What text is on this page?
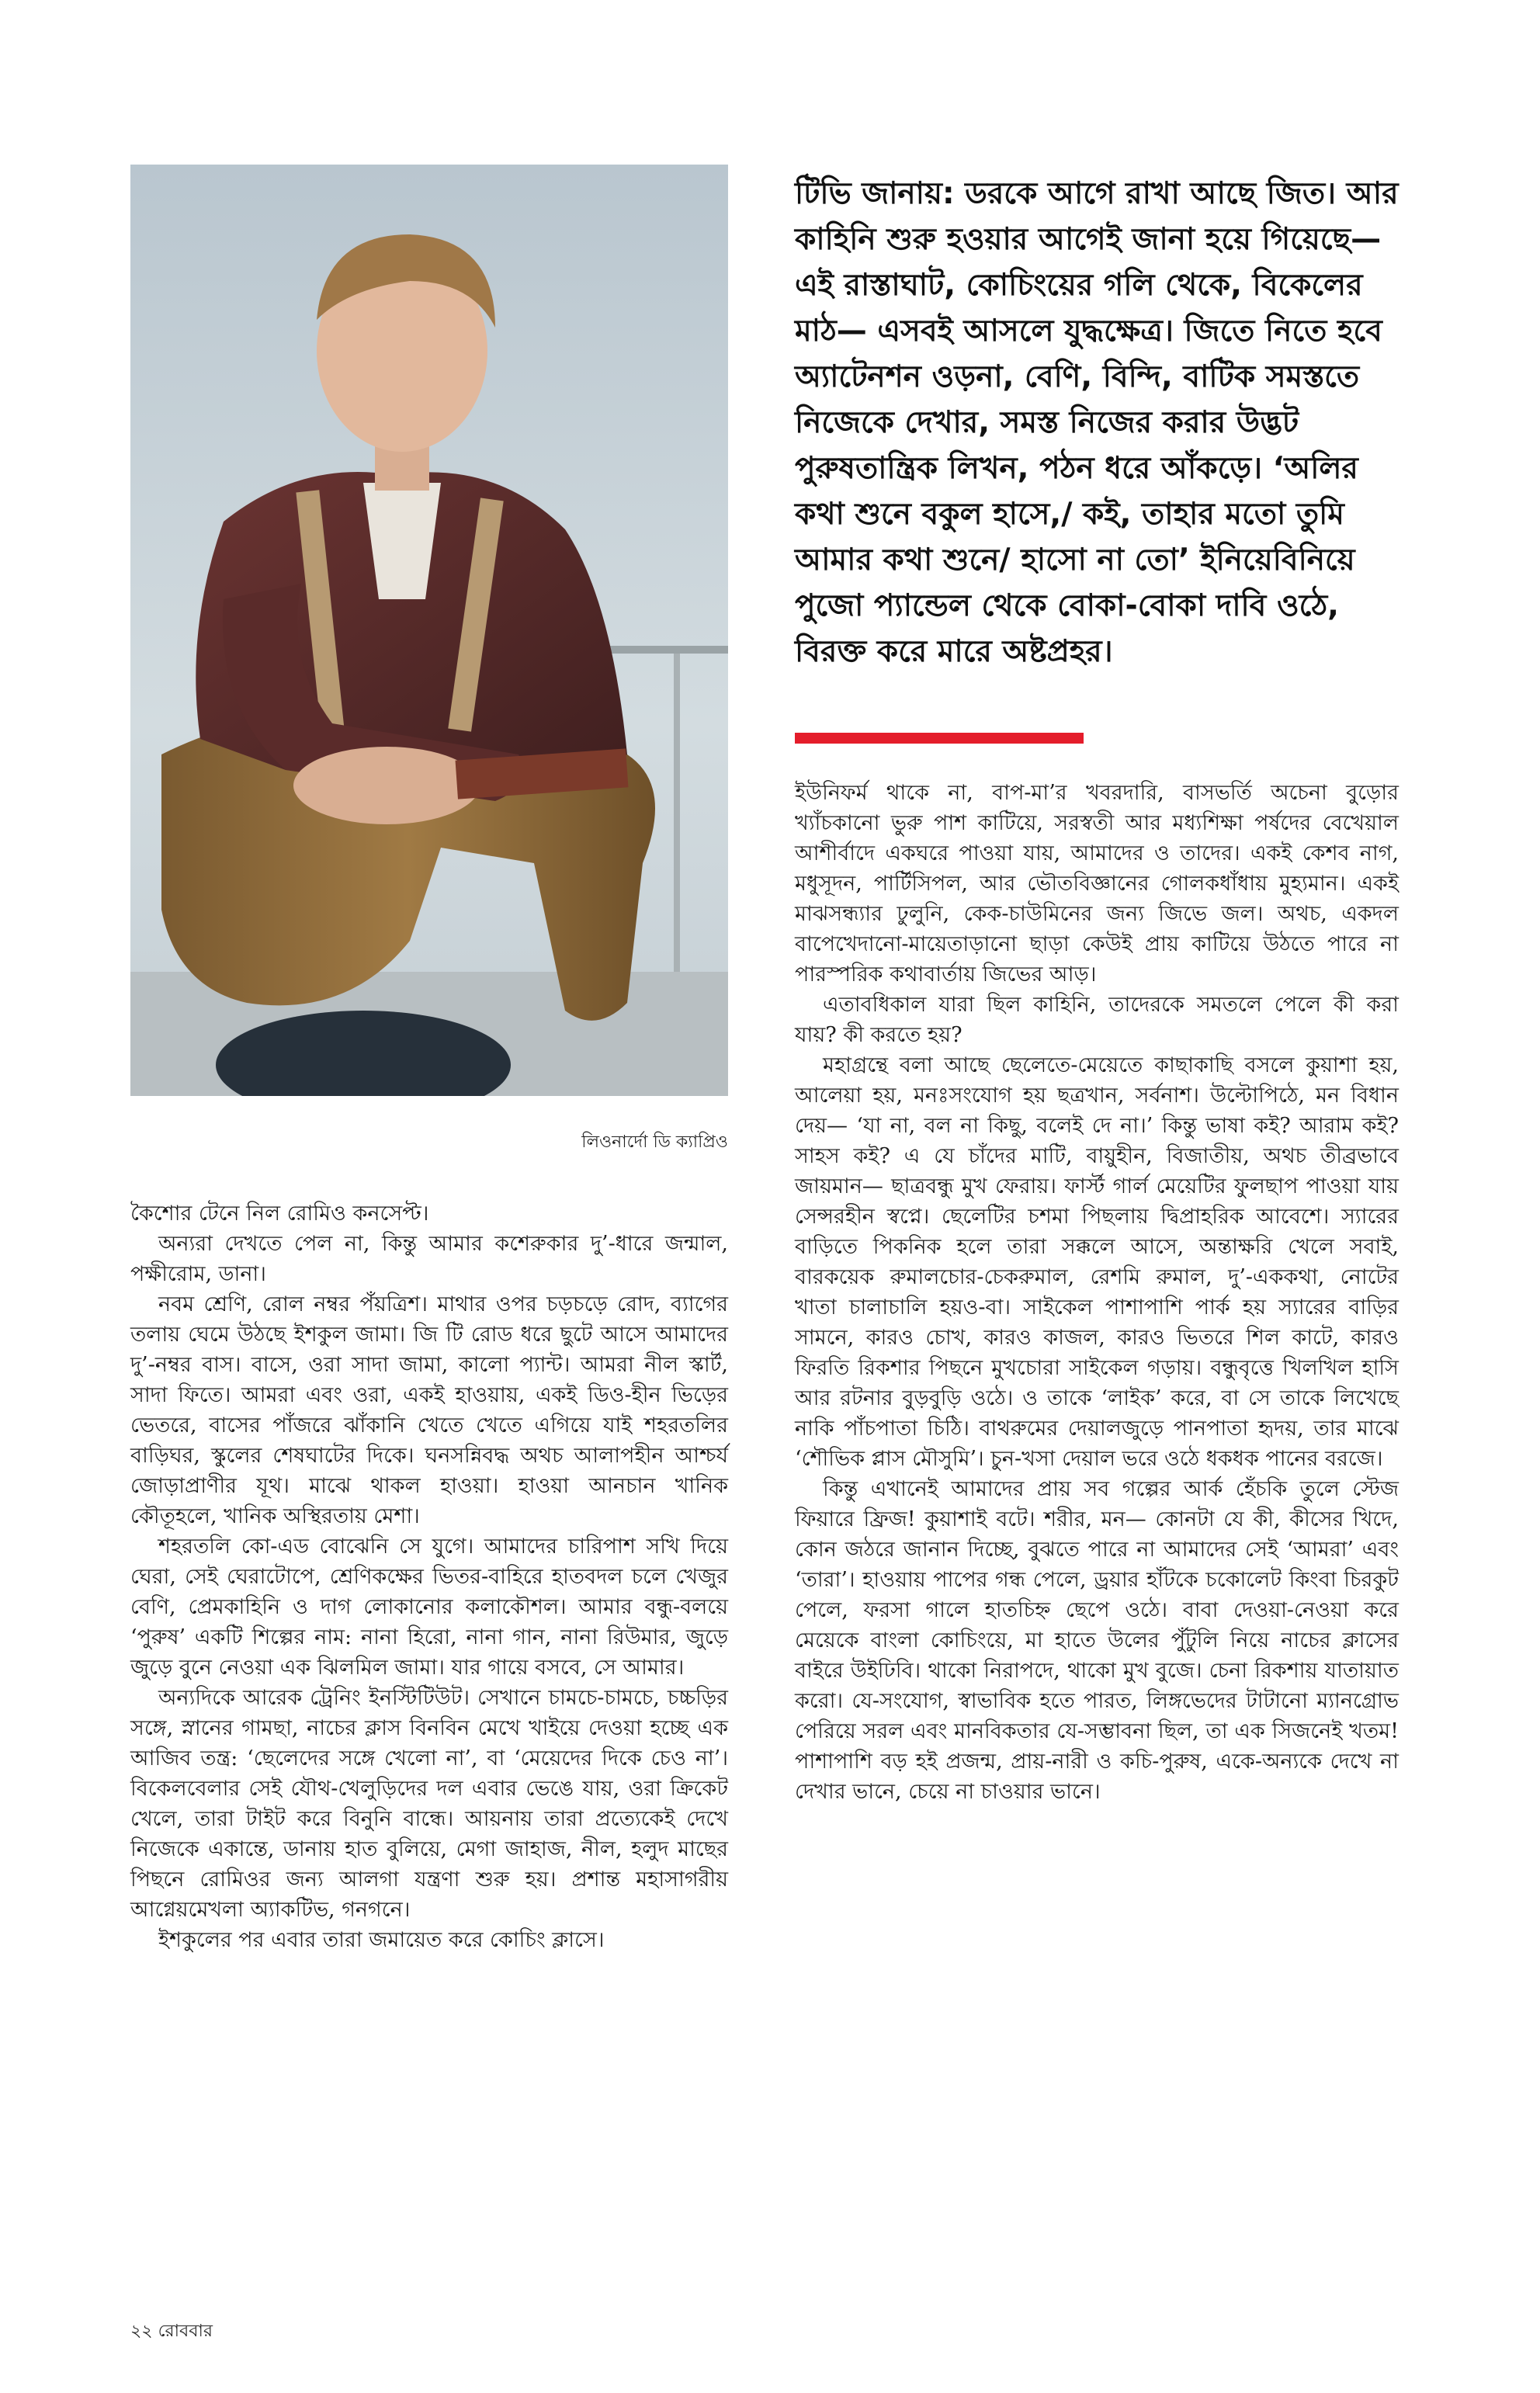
লিওনার্দো ডি ক্যাপ্রিও
টিভি জানায়: ডরকে আগে রাখা আছে জিত। আর কাহিনি শুরু হওয়ার আগেই জানা হয়ে গিয়েছে— এই রাস্তাঘাট, কোচিংয়ের গলি থেকে, বিকেলের মাঠ— এসবই আসলে যুদ্ধক্ষেত্র। জিতে নিতে হবে অ্যাটেনশন ওড়না, বেণি, বিন্দি, বাটিক সমস্ততে নিজেকে দেখার, সমস্ত নিজের করার উদ্ভট পুরুষতান্ত্রিক লিখন, পঠন ধরে আঁকড়ে। ‘অলির কথা শুনে বকুল হাসে,/ কই, তাহার মতো তুমি আমার কথা শুনে/ হাসো না তো’ ইনিয়েবিনিয়ে পুজো প্যান্ডেল থেকে বোকা-বোকা দাবি ওঠে, বিরক্ত করে মারে অষ্টপ্রহর।

কৈশোর টেনে নিল রোমিও কনসেপ্ট।

অন্যরা দেখতে পেল না, কিন্তু আমার কশেরুকার দু’-ধারে জন্মাল, পক্ষীরোম, ডানা।

নবম শ্রেণি, রোল নম্বর পঁয়ত্রিশ। মাথার ওপর চড়চড়ে রোদ, ব্যাগের তলায় ঘেমে উঠছে ইশকুল জামা। জি টি রোড ধরে ছুটে আসে আমাদের দু’-নম্বর বাস। বাসে, ওরা সাদা জামা, কালো প্যান্ট। আমরা নীল স্কার্ট, সাদা ফিতে। আমরা এবং ওরা, একই হাওয়ায়, একই ডিও-হীন ভিড়ের ভেতরে, বাসের পাঁজরে ঝাঁকানি খেতে খেতে এগিয়ে যাই শহরতলির বাড়িঘর, স্কুলের শেষঘাটের দিকে। ঘনসন্নিবদ্ধ অথচ আলাপহীন আশ্চর্য জোড়াপ্রাণীর যূথ। মাঝে থাকল হাওয়া। হাওয়া আনচান খানিক কৌতূহলে, খানিক অস্থিরতায় মেশা।

শহরতলি কো-এড বোঝেনি সে যুগে। আমাদের চারিপাশ সখি দিয়ে ঘেরা, সেই ঘেরাটোপে, শ্রেণিকক্ষের ভিতর-বাহিরে হাতবদল চলে খেজুর বেণি, প্রেমকাহিনি ও দাগ লোকানোর কলাকৌশল। আমার বন্ধু-বলয়ে ‘পুরুষ’ একটি শিল্পের নাম: নানা হিরো, নানা গান, নানা রিউমার, জুড়ে জুড়ে বুনে নেওয়া এক ঝিলমিল জামা। যার গায়ে বসবে, সে আমার।

অন্যদিকে আরেক ট্রেনিং ইনস্টিটিউট। সেখানে চামচে-চামচে, চচ্চড়ির সঙ্গে, স্নানের গামছা, নাচের ক্লাস বিনবিন মেখে খাইয়ে দেওয়া হচ্ছে এক আজিব তন্ত্র: ‘ছেলেদের সঙ্গে খেলো না’, বা ‘মেয়েদের দিকে চেও না’। বিকেলবেলার সেই যৌথ-খেলুড়িদের দল এবার ভেঙে যায়, ওরা ক্রিকেট খেলে, তারা টাইট করে বিনুনি বান্ধে। আয়নায় তারা প্রত্যেকেই দেখে নিজেকে একান্তে, ডানায় হাত বুলিয়ে, মেগা জাহাজ, নীল, হলুদ মাছের পিছনে রোমিওর জন্য আলগা যন্ত্রণা শুরু হয়। প্রশান্ত মহাসাগরীয় আগ্নেয়মেখলা অ্যাকটিভ, গনগনে।

ইশকুলের পর এবার তারা জমায়েত করে কোচিং ক্লাসে।

ইউনিফর্ম থাকে না, বাপ-মা’র খবরদারি, বাসভর্তি অচেনা বুড়োর খ্যাঁচকানো ভুরু পাশ কাটিয়ে, সরস্বতী আর মধ্যশিক্ষা পর্ষদের বেখেয়াল আশীর্বাদে একঘরে পাওয়া যায়, আমাদের ও তাদের। একই কেশব নাগ, মধুসূদন, পার্টিসিপল, আর ভৌতবিজ্ঞানের গোলকধাঁধায় মুহ্যমান। একই মাঝসন্ধ্যার ঢুলুনি, কেক-চাউমিনের জন্য জিভে জল। অথচ, একদল বাপেখেদানো-মায়েতাড়ানো ছাড়া কেউই প্রায় কাটিয়ে উঠতে পারে না পারস্পরিক কথাবার্তায় জিভের আড়।

এতাবধিকাল যারা ছিল কাহিনি, তাদেরকে সমতলে পেলে কী করা যায়? কী করতে হয়?

মহাগ্রন্থে বলা আছে ছেলেতে-মেয়েতে কাছাকাছি বসলে কুয়াশা হয়, আলেয়া হয়, মনঃসংযোগ হয় ছত্রখান, সর্বনাশ। উল্টোপিঠে, মন বিধান দেয়— ‘যা না, বল না কিছু, বলেই দে না।’ কিন্তু ভাষা কই? আরাম কই? সাহস কই? এ যে চাঁদের মাটি, বায়ুহীন, বিজাতীয়, অথচ তীব্রভাবে জায়মান— ছাত্রবন্ধু মুখ ফেরায়। ফার্স্ট গার্ল মেয়েটির ফুলছাপ পাওয়া যায় সেন্সরহীন স্বপ্নে। ছেলেটির চশমা পিছলায় দ্বিপ্রাহরিক আবেশে। স্যারের বাড়িতে পিকনিক হলে তারা সক্কলে আসে, অন্তাক্ষরি খেলে সবাই, বারকয়েক রুমালচোর-চেকরুমাল, রেশমি রুমাল, দু’-এককথা, নোটের খাতা চালাচালি হয়ও-বা। সাইকেল পাশাপাশি পার্ক হয় স্যারের বাড়ির সামনে, কারও চোখ, কারও কাজল, কারও ভিতরে শিল কাটে, কারও ফিরতি রিকশার পিছনে মুখচোরা সাইকেল গড়ায়। বন্ধুবৃত্তে খিলখিল হাসি আর রটনার বুড়বুড়ি ওঠে। ও তাকে ‘লাইক’ করে, বা সে তাকে লিখেছে নাকি পাঁচপাতা চিঠি। বাথরুমের দেয়ালজুড়ে পানপাতা হৃদয়, তার মাঝে ‘শৌভিক প্লাস মৌসুমি’। চুন-খসা দেয়াল ভরে ওঠে ধকধক পানের বরজে।

কিন্তু এখানেই আমাদের প্রায় সব গল্পের আর্ক হেঁচকি তুলে স্টেজ ফিয়ারে ফ্রিজ! কুয়াশাই বটে। শরীর, মন— কোনটা যে কী, কীসের খিদে, কোন জঠরে জানান দিচ্ছে, বুঝতে পারে না আমাদের সেই ‘আমরা’ এবং ‘তারা’। হাওয়ায় পাপের গন্ধ পেলে, ড্রয়ার হাঁটকে চকোলেট কিংবা চিরকুট পেলে, ফরসা গালে হাতচিহ্ন ছেপে ওঠে। বাবা দেওয়া-নেওয়া করে মেয়েকে বাংলা কোচিংয়ে, মা হাতে উলের পুঁটুলি নিয়ে নাচের ক্লাসের বাইরে উইঢিবি। থাকো নিরাপদে, থাকো মুখ বুজে। চেনা রিকশায় যাতায়াত করো। যে-সংযোগ, স্বাভাবিক হতে পারত, লিঙ্গভেদের টাটানো ম্যানগ্রোভ পেরিয়ে সরল এবং মানবিকতার যে-সম্ভাবনা ছিল, তা এক সিজনেই খতম! পাশাপাশি বড় হই প্রজন্ম, প্রায়-নারী ও কচি-পুরুষ, একে-অন্যকে দেখে না দেখার ভানে, চেয়ে না চাওয়ার ভানে।

২২ রোববার
